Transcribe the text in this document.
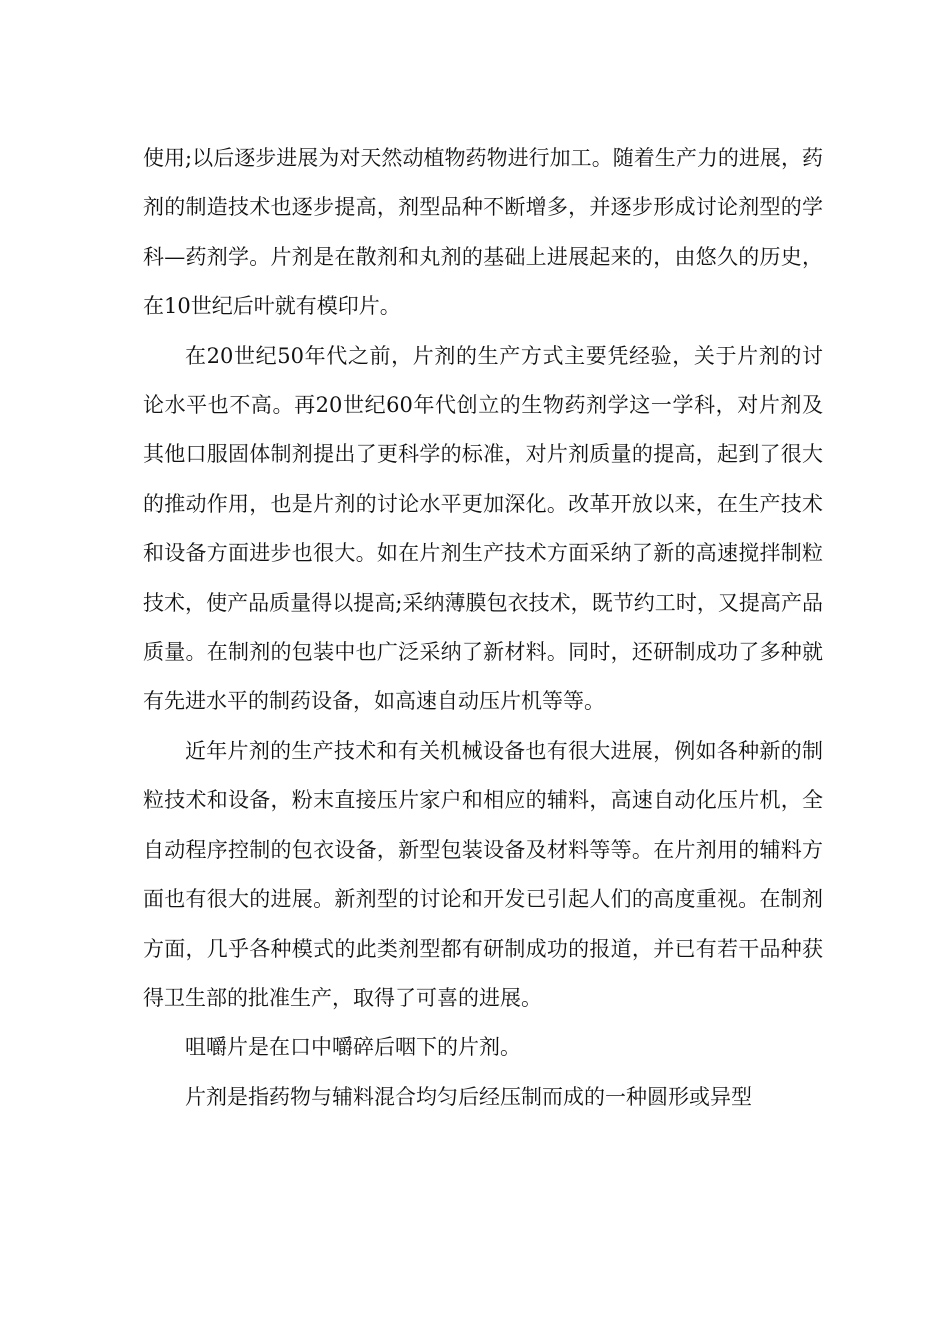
使用;以后逐步进展为对天然动植物药物进行加工。随着生产力的进展，药剂的制造技术也逐步提高，剂型品种不断增多，并逐步形成讨论剂型的学科—药剂学。片剂是在散剂和丸剂的基础上进展起来的，由悠久的历史，在10世纪后叶就有模印片。

在20世纪50年代之前，片剂的生产方式主要凭经验，关于片剂的讨论水平也不高。再20世纪60年代创立的生物药剂学这一学科，对片剂及其他口服固体制剂提出了更科学的标准，对片剂质量的提高，起到了很大的推动作用，也是片剂的讨论水平更加深化。改革开放以来，在生产技术和设备方面进步也很大。如在片剂生产技术方面采纳了新的高速搅拌制粒技术，使产品质量得以提高;采纳薄膜包衣技术，既节约工时，又提高产品质量。在制剂的包装中也广泛采纳了新材料。同时，还研制成功了多种就有先进水平的制药设备，如高速自动压片机等等。

近年片剂的生产技术和有关机械设备也有很大进展，例如各种新的制粒技术和设备，粉末直接压片家户和相应的辅料，高速自动化压片机，全自动程序控制的包衣设备，新型包装设备及材料等等。在片剂用的辅料方面也有很大的进展。新剂型的讨论和开发已引起人们的高度重视。在制剂方面，几乎各种模式的此类剂型都有研制成功的报道，并已有若干品种获得卫生部的批准生产，取得了可喜的进展。

咀嚼片是在口中嚼碎后咽下的片剂。

片剂是指药物与辅料混合均匀后经压制而成的一种圆形或异型
